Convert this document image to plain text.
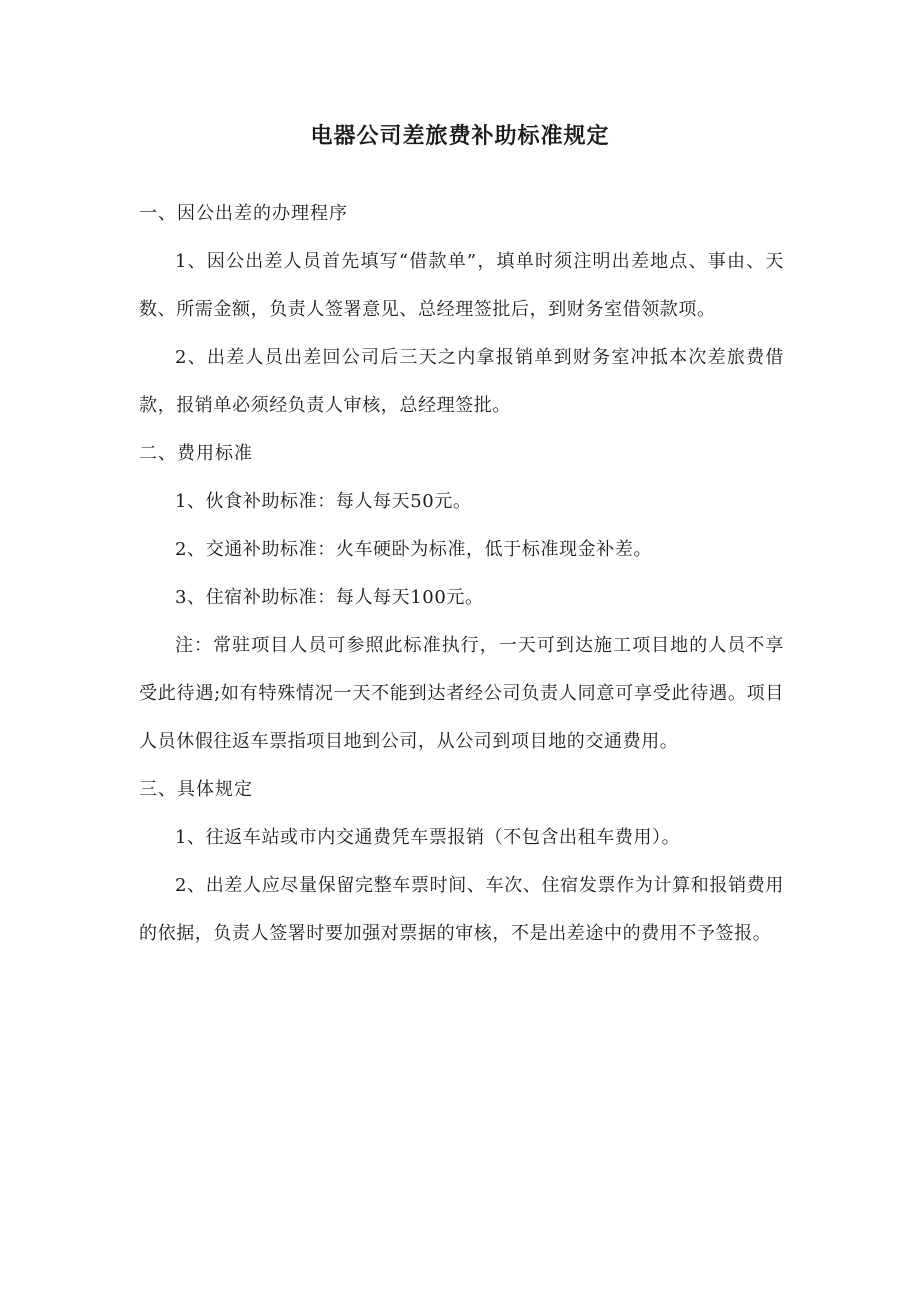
电器公司差旅费补助标准规定

一、因公出差的办理程序

1、因公出差人员首先填写“借款单”，填单时须注明出差地点、事由、天数、所需金额，负责人签署意见、总经理签批后，到财务室借领款项。

2、出差人员出差回公司后三天之内拿报销单到财务室冲抵本次差旅费借款，报销单必须经负责人审核，总经理签批。

二、费用标准

1、伙食补助标准：每人每天50元。

2、交通补助标准：火车硬卧为标准，低于标准现金补差。

3、住宿补助标准：每人每天100元。

注：常驻项目人员可参照此标准执行，一天可到达施工项目地的人员不享受此待遇;如有特殊情况一天不能到达者经公司负责人同意可享受此待遇。项目人员休假往返车票指项目地到公司，从公司到项目地的交通费用。

三、具体规定

1、往返车站或市内交通费凭车票报销（不包含出租车费用）。

2、出差人应尽量保留完整车票时间、车次、住宿发票作为计算和报销费用的依据，负责人签署时要加强对票据的审核，不是出差途中的费用不予签报。
